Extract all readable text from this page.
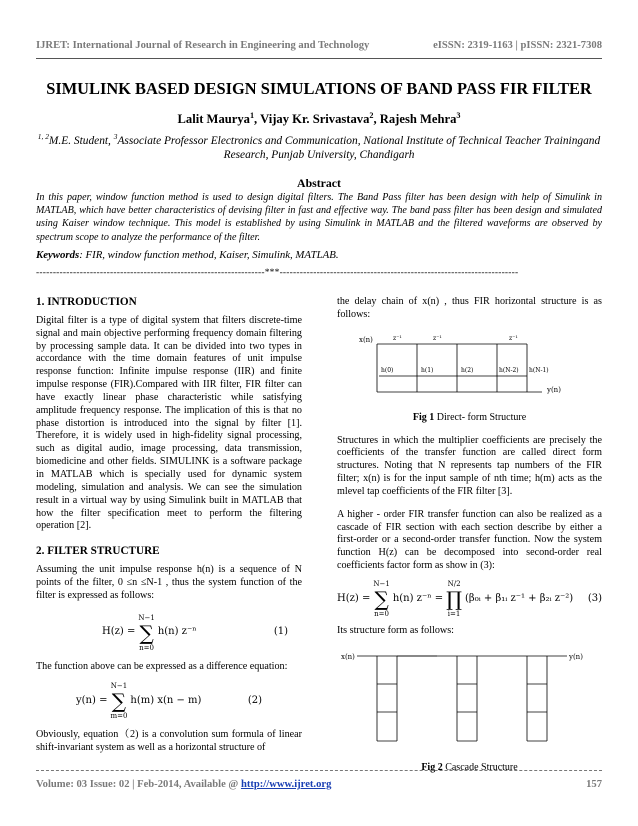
IJRET: International Journal of Research in Engineering and Technology	eISSN: 2319-1163 | pISSN: 2321-7308
SIMULINK BASED DESIGN SIMULATIONS OF BAND PASS FIR FILTER
Lalit Maurya$^1$, Vijay Kr. Srivastava$^2$, Rajesh Mehra$^3$
$^{1, 2}$M.E. Student, $^3$Associate Professor Electronics and Communication, National Institute of Technical Teacher Trainingand Research, Punjab University, Chandigarh
Abstract
In this paper, window function method is used to design digital filters. The Band Pass filter has been design with help of Simulink in MATLAB, which have better characteristics of devising filter in fast and effective way. The band pass filter has been design and simulated using Kaiser window technique. This model is established by using Simulink in MATLAB and the filtered waveforms are observed by spectrum scope to analyze the performance of the filter.
Keywords: FIR, window function method, Kaiser, Simulink, MATLAB.
--------------------------------------------------------------------***-----------------------------------------------------------------------

1. INTRODUCTION

Digital filter is a type of digital system that filters discrete-time signal and main objective performing frequency domain filtering by processing sample data. It can be divided into two types in accordance with the time domain features of unit impulse response function: Infinite impulse response (IIR) and finite impulse response (FIR).Compared with IIR filter, FIR filter can have exactly linear phase characteristic while satisfying amplitude frequency response. The implication of this is that no phase distortion is introduced into the signal by filter [1]. Therefore, it is widely used in high-fidelity signal processing, such as digital audio, image processing, data transmission, biomedicine and other fields. SIMULINK is a software package in MATLAB which is specially used for dynamic system modeling, simulation and analysis. We can see the simulation result in a virtual way by using Simulink built in MATLAB that how the filter specification meet to perform the filtering operation [2].

2. FILTER STRUCTURE

Assuming the unit impulse response h(n) is a sequence of N points of the filter, 0 ≤n ≤N-1 , thus the system function of the filter is expressed as follows:

H(z) =
N−1
∑
n=0
h(n) z⁻ⁿ	(1)

The function above can be expressed as a difference equation:

y(n) =
N−1
∑
m=0
h(m) x(n − m)	(2)

Obviously, equation（2) is a convolution sum formula of linear shift-invariant system as well as a horizontal structure of

the delay chain of x(n) , thus FIR horizontal structure is as follows:

x(n)
y(n)
z⁻¹	z⁻¹	z⁻¹
h(0)	h(1)	h(2)	h(N-2) h(N-1)

Fig 1 Direct- form Structure

Structures in which the multiplier coefficients are precisely the coefficients of the transfer function are called direct form structures. Noting that N represents tap numbers of the FIR filter; x(n) is for the input sample of nth time; h(m) acts as the mlevel tap coefficients of the FIR filter [3].

A higher - order FIR transfer function can also be realized as a cascade of FIR section with each section describe by either a first-order or a second-order transfer function. Now the system function H(z) can be decomposed into second-order real coefficients factor form as show in (3):

H(z) =
N−1
∑
n=0
h(n) z⁻ⁿ =
N/2
∏
i=1
(β₀ᵢ + β₁ᵢ z⁻¹ + β₂ᵢ z⁻²) (3)

Its structure form as follows:

x(n)	y(n)

Fig 2 Cascade Structure

Volume: 03 Issue: 02 | Feb-2014, Available @ http://www.ijret.org	157
